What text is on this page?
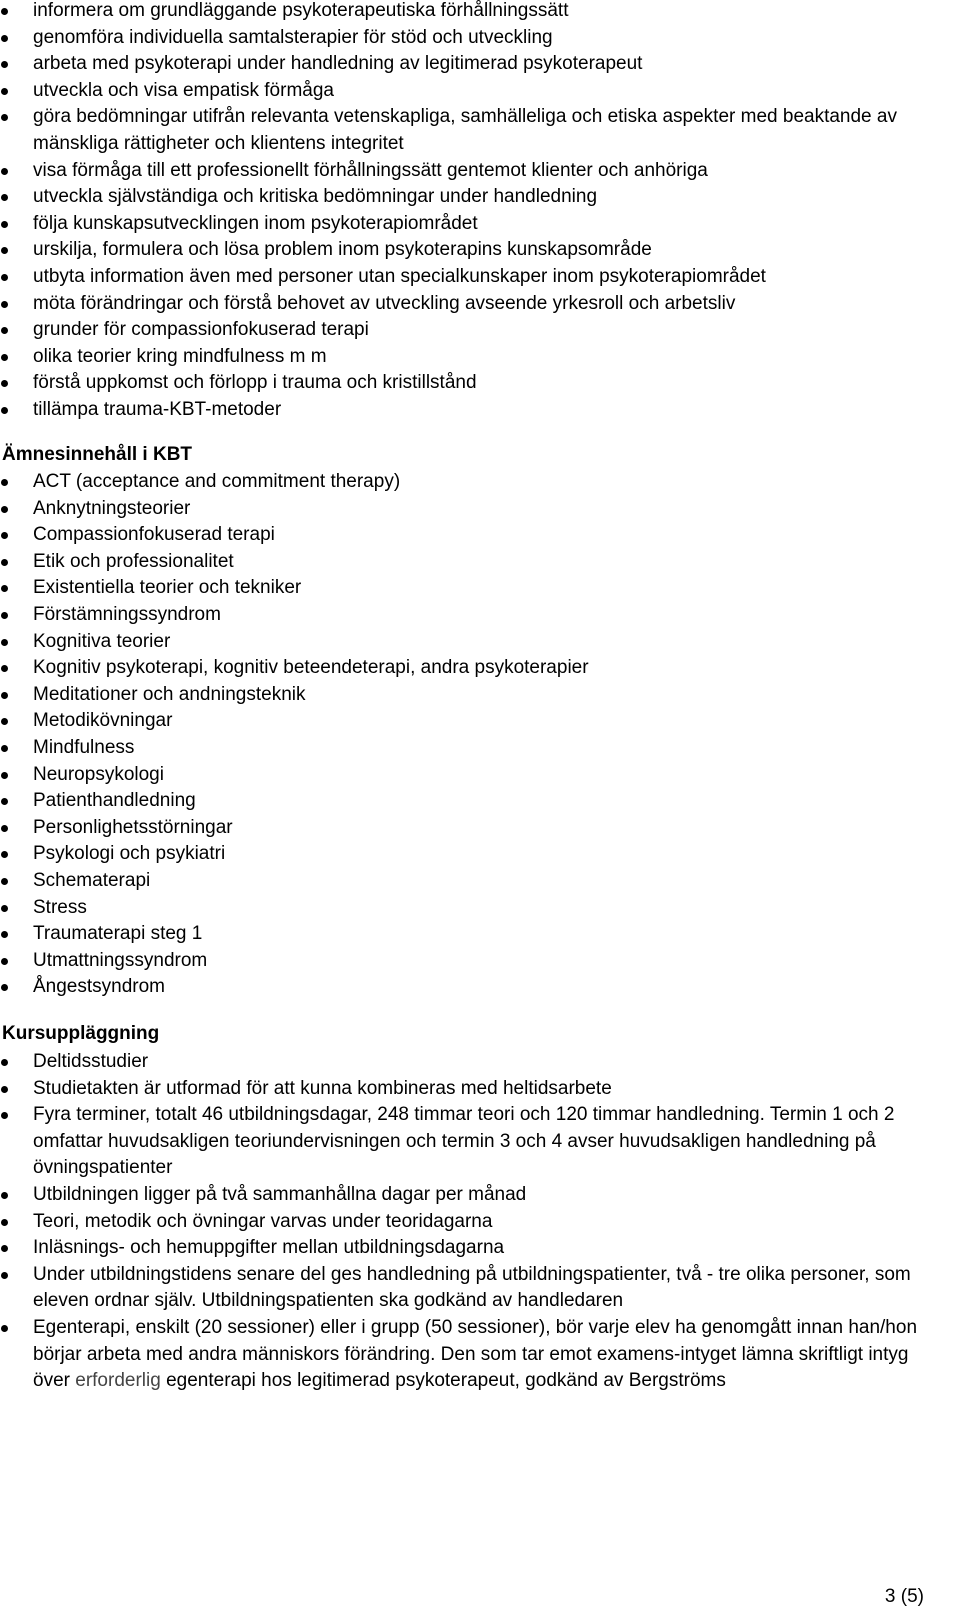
informera om grundläggande psykoterapeutiska förhållningssätt
genomföra individuella samtalsterapier för stöd och utveckling
arbeta med psykoterapi under handledning av legitimerad psykoterapeut
utveckla och visa empatisk förmåga
göra bedömningar utifrån relevanta vetenskapliga, samhälleliga och etiska aspekter med beaktande av mänskliga rättigheter och klientens integritet
visa förmåga till ett professionellt förhållningssätt gentemot klienter och anhöriga
utveckla självständiga och kritiska bedömningar under handledning
följa kunskapsutvecklingen inom psykoterapiområdet
urskilja, formulera och lösa problem inom psykoterapins kunskapsområde
utbyta information även med personer utan specialkunskaper inom psykoterapiområdet
möta förändringar och förstå behovet av utveckling avseende yrkesroll och arbetsliv
grunder för compassionfokuserad terapi
olika teorier kring mindfulness m m
förstå uppkomst och förlopp i trauma och kristillstånd
tillämpa trauma-KBT-metoder
Ämnesinnehåll i KBT
ACT (acceptance and commitment therapy)
Anknytningsteorier
Compassionfokuserad terapi
Etik och professionalitet
Existentiella teorier och tekniker
Förstämningssyndrom
Kognitiva teorier
Kognitiv psykoterapi, kognitiv beteendeterapi, andra psykoterapier
Meditationer och andningsteknik
Metodikövningar
Mindfulness
Neuropsykologi
Patienthandledning
Personlighetsstörningar
Psykologi och psykiatri
Schematerapi
Stress
Traumaterapi steg 1
Utmattningssyndrom
Ångestsyndrom
Kursuppläggning
Deltidsstudier
Studietakten är utformad för att kunna kombineras med heltidsarbete
Fyra terminer, totalt 46 utbildningsdagar, 248 timmar teori och 120 timmar handledning. Termin 1 och 2 omfattar huvudsakligen teoriundervisningen och termin 3 och 4 avser huvudsakligen handledning på övningspatienter
Utbildningen ligger på två sammanhållna dagar per månad
Teori, metodik och övningar varvas under teoridagarna
Inläsnings- och hemuppgifter mellan utbildningsdagarna
Under utbildningstidens senare del ges handledning på utbildningspatienter, två - tre olika personer, som eleven ordnar själv. Utbildningspatienten ska godkänd av handledaren
Egenterapi, enskilt (20 sessioner) eller i grupp (50 sessioner), bör varje elev ha genomgått innan han/hon börjar arbeta med andra människors förändring. Den som tar emot examens-intyget lämna skriftligt intyg över erforderlig egenterapi hos legitimerad psykoterapeut, godkänd av Bergströms
3 (5)
